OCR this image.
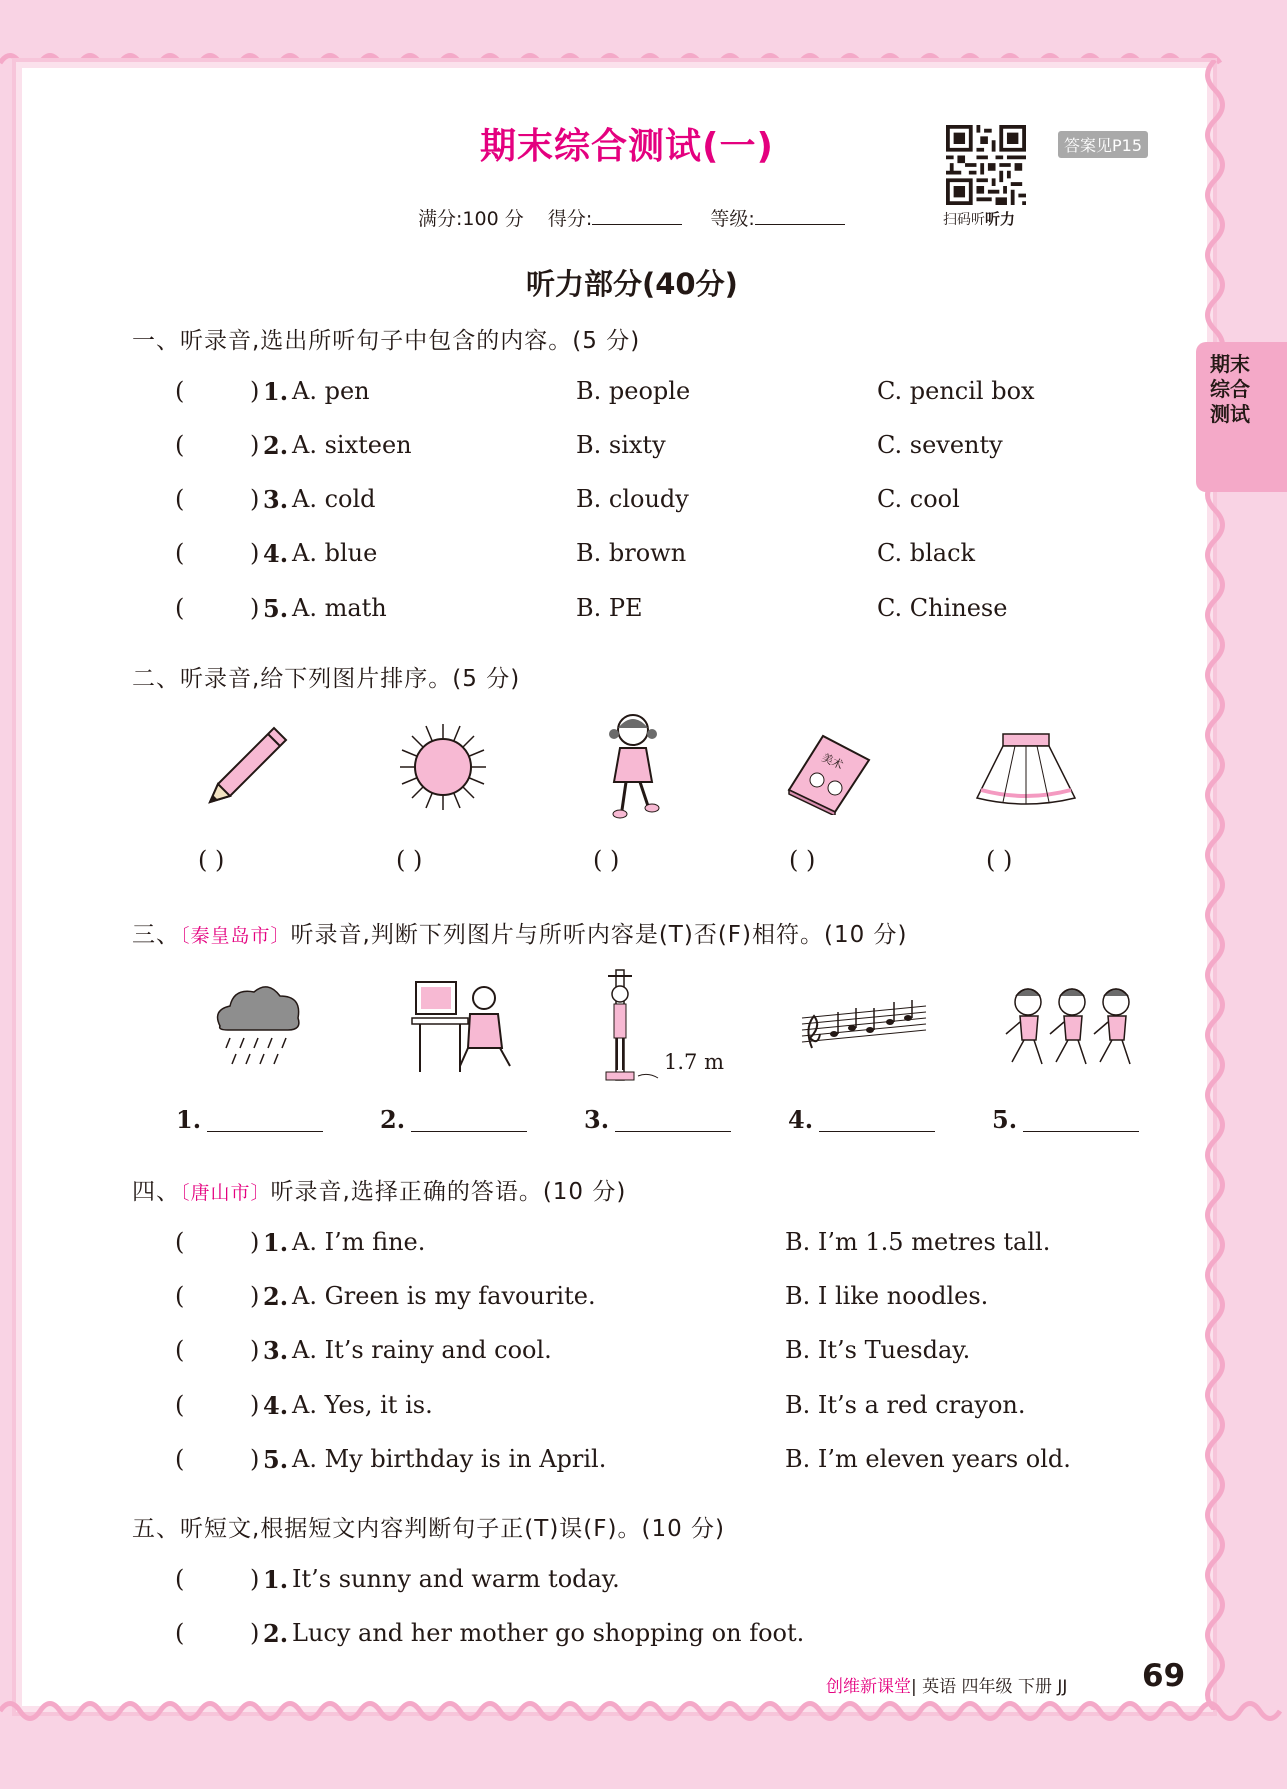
期末综合测试
期末综合测试(一)
扫码听听力
答案见P15
满分:100 分 得分:	等级:
听力部分(40分)
一、听录音,选出所听句子中包含的内容。(5 分)
(	) 1. A. pen	B. people	C. pencil box
(	) 2. A. sixteen	B. sixty	C. seventy
(	) 3. A. cold	B. cloudy	C. cool
(	) 4. A. blue	B. brown	C. black
(	) 5. A. math	B. PE	C. Chinese
二、听录音,给下列图片排序。(5 分)
美术
( )	( )	( )	( )	( )
三、〔秦皇岛市〕听录音,判断下列图片与所听内容是(T)否(F)相符。(10 分)
1.7 m
1.	2.	3.	4.	5.
四、〔唐山市〕听录音,选择正确的答语。(10 分)
(	) 1. A. I’m fine.	B. I’m 1.5 metres tall.
(	) 2. A. Green is my favourite.	B. I like noodles.
(	) 3. A. It’s rainy and cool.	B. It’s Tuesday.
(	) 4. A. Yes, it is.	B. It’s a red crayon.
(	) 5. A. My birthday is in April.	B. I’m eleven years old.
五、听短文,根据短文内容判断句子正(T)误(F)。(10 分)
(	) 1. It’s sunny and warm today.
(	) 2. Lucy and her mother go shopping on foot.
创维新课堂| 英语 四年级 下册 JJ 69
